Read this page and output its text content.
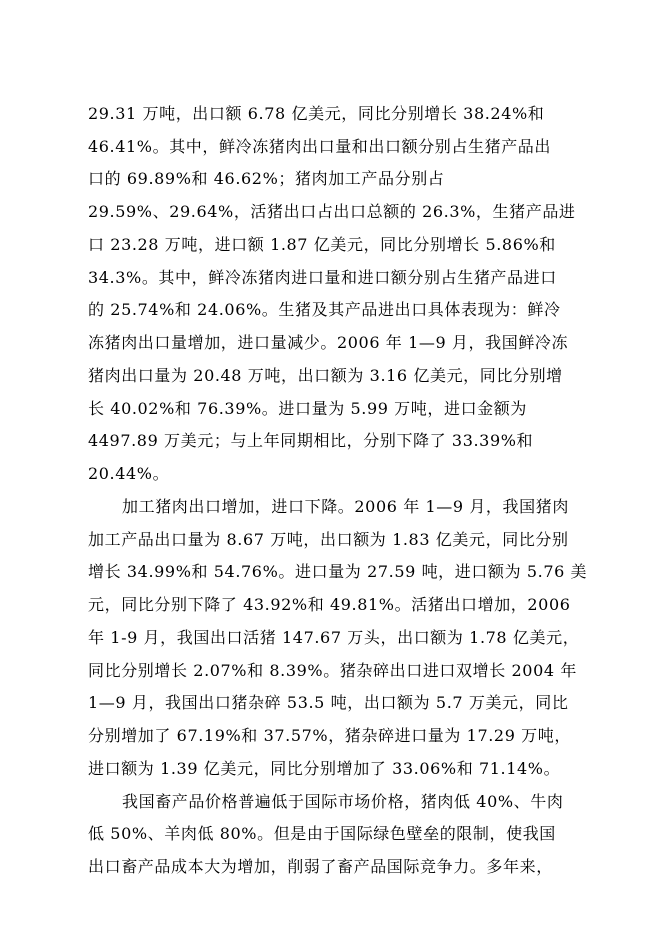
29.31 万吨，出口额 6.78 亿美元，同比分别增长 38.24%和
46.41%。其中，鲜冷冻猪肉出口量和出口额分别占生猪产品出
口的 69.89%和 46.62%；猪肉加工产品分别占
29.59%、29.64%，活猪出口占出口总额的 26.3%，生猪产品进
口 23.28 万吨，进口额 1.87 亿美元，同比分别增长 5.86%和
34.3%。其中，鲜冷冻猪肉进口量和进口额分别占生猪产品进口
的 25.74%和 24.06%。生猪及其产品进出口具体表现为：鲜冷
冻猪肉出口量增加，进口量减少。2006 年 1—9 月，我国鲜冷冻
猪肉出口量为 20.48 万吨，出口额为 3.16 亿美元，同比分别增
长 40.02%和 76.39%。进口量为 5.99 万吨，进口金额为
4497.89 万美元；与上年同期相比，分别下降了 33.39%和
20.44%。
加工猪肉出口增加，进口下降。2006 年 1—9 月，我国猪肉
加工产品出口量为 8.67 万吨，出口额为 1.83 亿美元，同比分别
增长 34.99%和 54.76%。进口量为 27.59 吨，进口额为 5.76 美
元，同比分别下降了 43.92%和 49.81%。活猪出口增加，2006
年 1-9 月，我国出口活猪 147.67 万头，出口额为 1.78 亿美元，
同比分别增长 2.07%和 8.39%。猪杂碎出口进口双增长 2004 年
1—9 月，我国出口猪杂碎 53.5 吨，出口额为 5.7 万美元，同比
分别增加了 67.19%和 37.57%，猪杂碎进口量为 17.29 万吨，
进口额为 1.39 亿美元，同比分别增加了 33.06%和 71.14%。
我国畜产品价格普遍低于国际市场价格，猪肉低 40%、牛肉
低 50%、羊肉低 80%。但是由于国际绿色壁垒的限制，使我国
出口畜产品成本大为增加，削弱了畜产品国际竞争力。多年来，
